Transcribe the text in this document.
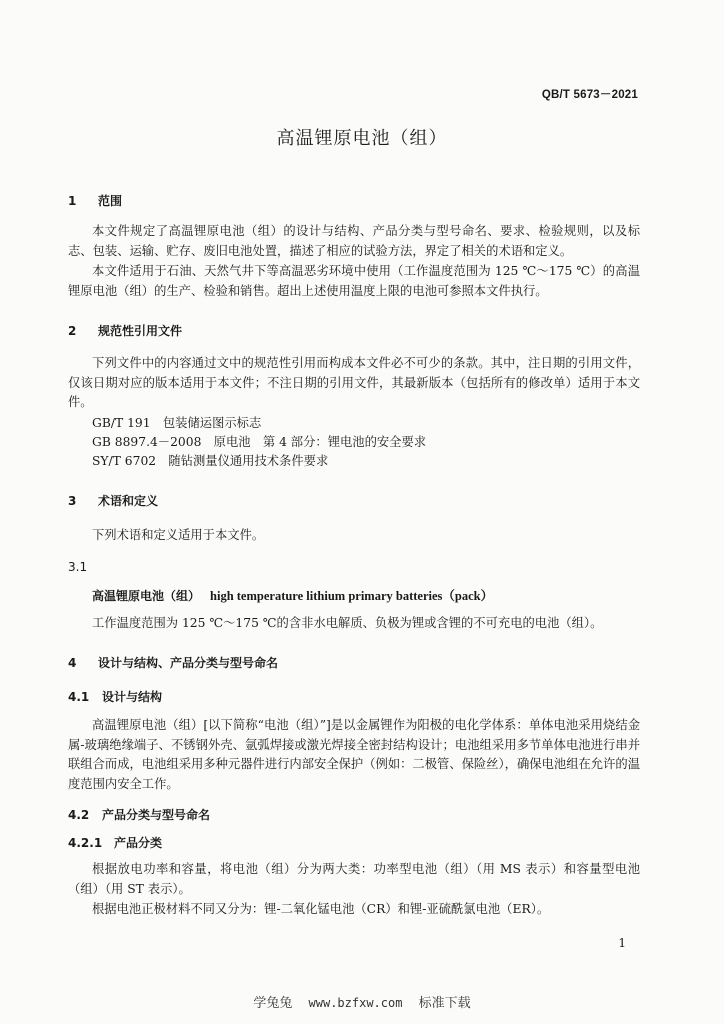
QB/T 5673－2021
高温锂原电池（组）
1 范围
本文件规定了高温锂原电池（组）的设计与结构、产品分类与型号命名、要求、检验规则，以及标志、包装、运输、贮存、废旧电池处置，描述了相应的试验方法，界定了相关的术语和定义。
本文件适用于石油、天然气井下等高温恶劣环境中使用（工作温度范围为 125 ℃～175 ℃）的高温锂原电池（组）的生产、检验和销售。超出上述使用温度上限的电池可参照本文件执行。
2 规范性引用文件
下列文件中的内容通过文中的规范性引用而构成本文件必不可少的条款。其中，注日期的引用文件，仅该日期对应的版本适用于本文件；不注日期的引用文件，其最新版本（包括所有的修改单）适用于本文件。
GB/T 191　包装储运图示标志
GB 8897.4－2008　原电池　第 4 部分：锂电池的安全要求
SY/T 6702　随钻测量仪通用技术条件要求
3 术语和定义
下列术语和定义适用于本文件。
3.1
高温锂原电池（组） high temperature lithium primary batteries（pack）
工作温度范围为 125 ℃～175 ℃的含非水电解质、负极为锂或含锂的不可充电的电池（组）。
4 设计与结构、产品分类与型号命名
4.1 设计与结构
高温锂原电池（组）[以下简称“电池（组）”]是以金属锂作为阳极的电化学体系：单体电池采用烧结金属-玻璃绝缘端子、不锈钢外壳、氩弧焊接或激光焊接全密封结构设计；电池组采用多节单体电池进行串并联组合而成，电池组采用多种元器件进行内部安全保护（例如：二极管、保险丝），确保电池组在允许的温度范围内安全工作。
4.2 产品分类与型号命名
4.2.1 产品分类
根据放电功率和容量，将电池（组）分为两大类：功率型电池（组）（用 MS 表示）和容量型电池（组）（用 ST 表示）。
根据电池正极材料不同又分为：锂-二氧化锰电池（CR）和锂-亚硫酰氯电池（ER）。
1
学兔兔 www.bzfxw.com 标准下载
